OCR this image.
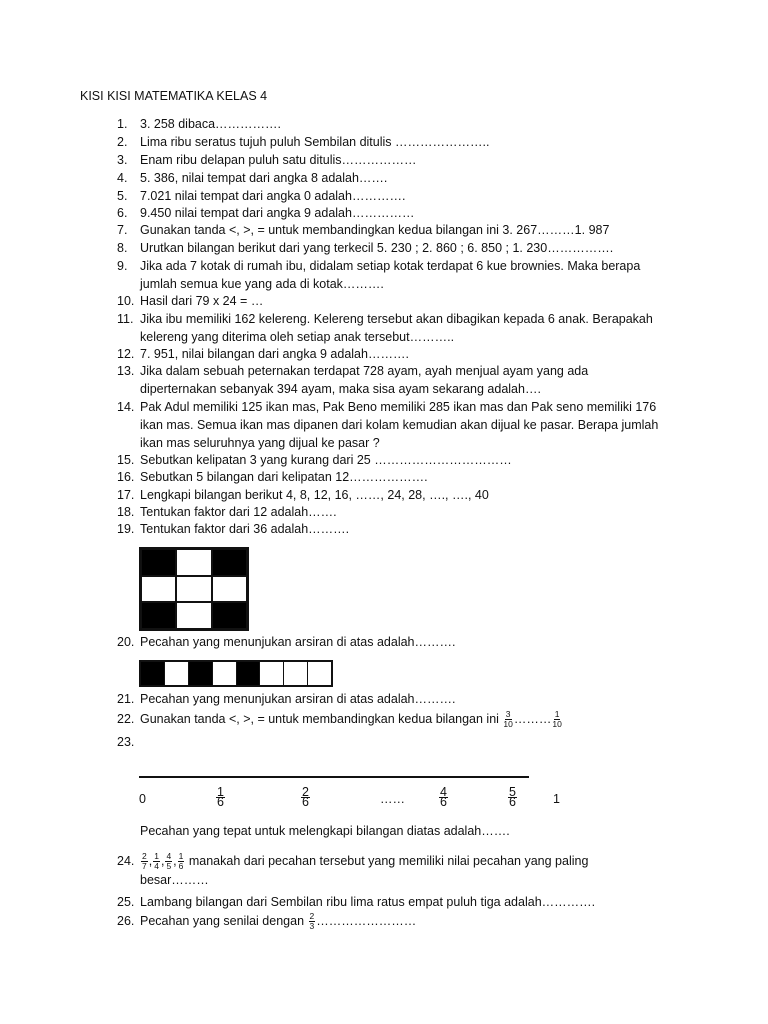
KISI KISI MATEMATIKA KELAS 4
1.	3. 258 dibaca…………….
2.	Lima ribu seratus tujuh puluh Sembilan ditulis …………………..
3.	Enam ribu delapan puluh satu ditulis………………
4.	5. 386, nilai tempat dari angka 8 adalah…….
5.	7.021 nilai tempat dari angka 0 adalah………….
6.	9.450 nilai tempat dari angka 9 adalah……………
7.	Gunakan tanda <, >, = untuk membandingkan kedua bilangan ini 3. 267………1. 987
8.	Urutkan bilangan berikut dari yang terkecil 5. 230 ; 2. 860 ; 6. 850 ; 1. 230…………….
9.	Jika ada 7 kotak di rumah ibu, didalam setiap kotak terdapat 6 kue brownies. Maka berapa jumlah semua kue yang ada di kotak……….
10. Hasil dari 79 x 24 = …
11. Jika ibu memiliki 162 kelereng. Kelereng tersebut akan dibagikan kepada 6 anak. Berapakah kelereng yang diterima oleh setiap anak tersebut………..
12. 7. 951, nilai bilangan dari angka 9 adalah……….
13. Jika dalam sebuah peternakan terdapat 728 ayam, ayah menjual ayam yang ada diperternakan sebanyak 394 ayam, maka sisa ayam sekarang adalah….
14. Pak Adul memiliki 125 ikan mas, Pak Beno memiliki 285 ikan mas dan Pak seno memiliki 176 ikan mas. Semua ikan mas dipanen dari kolam kemudian akan dijual ke pasar. Berapa jumlah ikan mas seluruhnya yang dijual ke pasar ?
15. Sebutkan kelipatan 3 yang kurang dari 25 ……………………………
16. Sebutkan 5 bilangan dari kelipatan 12……………….
17. Lengkapi bilangan berikut 4, 8, 12, 16, ……, 24, 28, …., …., 40
18. Tentukan faktor dari 12 adalah…….
19. Tentukan faktor dari 36 adalah……….
20. Pecahan yang menunjukan arsiran di atas adalah……….
21. Pecahan yang menunjukan arsiran di atas adalah……….
22. Gunakan tanda <, >, = untuk membandingkan kedua bilangan ini $\frac{3}{10}$ ……… $\frac{1}{10}$
23.
0	$\frac{1}{6}$	$\frac{2}{6}$	……	$\frac{4}{6}$	$\frac{5}{6}$	1
Pecahan yang tepat untuk melengkapi bilangan diatas adalah…….
24. $\frac{2}{7}$ , $\frac{1}{4}$ , $\frac{4}{5}$ , $\frac{1}{6}$ manakah dari pecahan tersebut yang memiliki nilai pecahan yang paling besar………
25. Lambang bilangan dari Sembilan ribu lima ratus empat puluh tiga adalah………….
26. Pecahan yang senilai dengan $\frac{2}{3}$ ……………………
